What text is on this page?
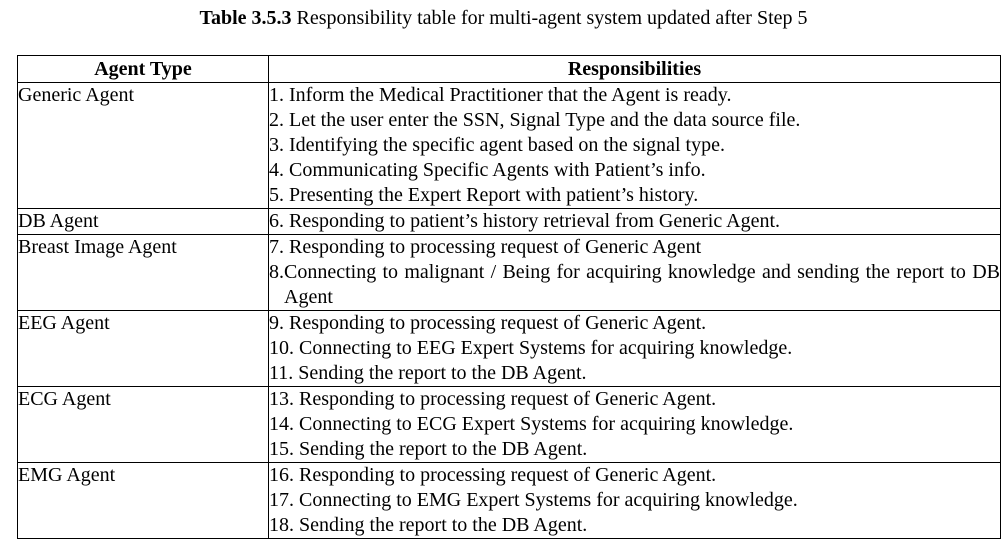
Table 3.5.3 Responsibility table for multi-agent system updated after Step 5
Agent Type	Responsibilities
Generic Agent	1. Inform the Medical Practitioner that the Agent is ready.
2. Let the user enter the SSN, Signal Type and the data source file.
3. Identifying the specific agent based on the signal type.
4. Communicating Specific Agents with Patient’s info.
5. Presenting the Expert Report with patient’s history.

DB Agent	6. Responding to patient’s history retrieval from Generic Agent.

Breast Image Agent	7. Responding to processing request of Generic Agent
8.Connecting to malignant / Being for acquiring knowledge and sending the report to DB Agent

EEG Agent	9. Responding to processing request of Generic Agent.
10. Connecting to EEG Expert Systems for acquiring knowledge.
11. Sending the report to the DB Agent.

ECG Agent	13. Responding to processing request of Generic Agent.
14. Connecting to ECG Expert Systems for acquiring knowledge.
15. Sending the report to the DB Agent.

EMG Agent	16. Responding to processing request of Generic Agent.
17. Connecting to EMG Expert Systems for acquiring knowledge.
18. Sending the report to the DB Agent.
